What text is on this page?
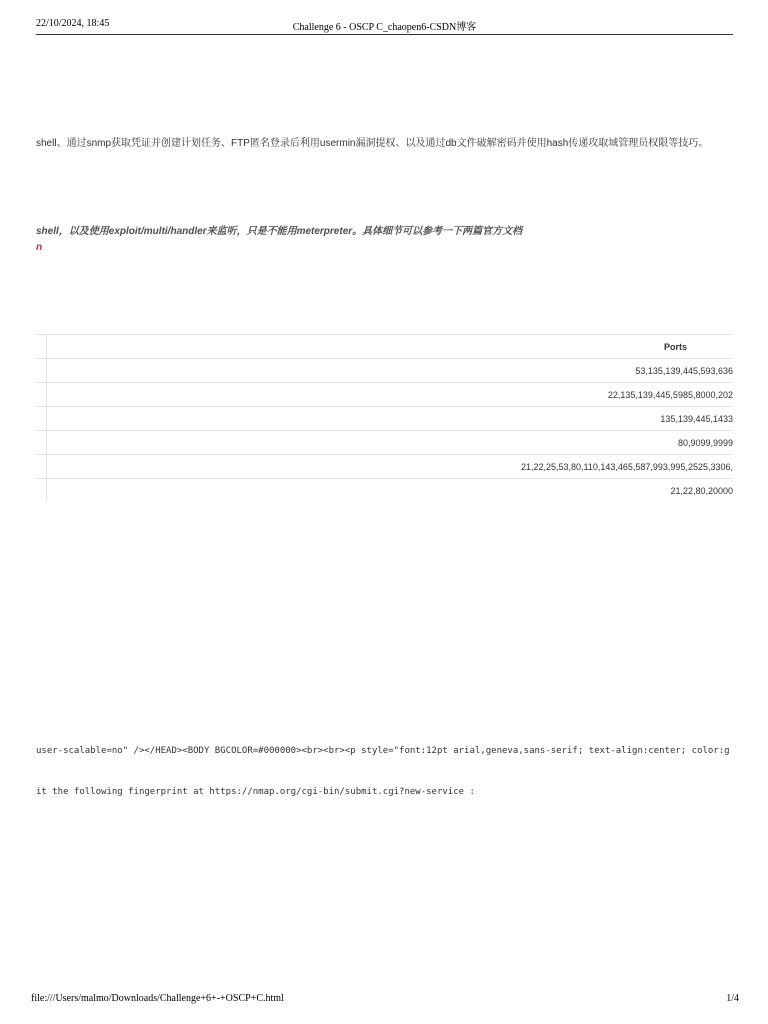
22/10/2024, 18:45	Challenge 6 - OSCP C_chaopen6-CSDN博客
shell、通过snmp获取凭证并创建计划任务、FTP匿名登录后利用usermin漏洞提权、以及通过db文件破解密码并使用hash传递攻取域管理员权限等技巧。
shell，以及使用exploit/multi/handler来监听，只是不能用meterpreter。具体细节可以参考一下两篇官方文档
n
	Ports
	53,135,139,445,593,636
	22,135,139,445,5985,8000,202
	135,139,445,1433
	80,9099,9999
	21,22,25,53,80,110,143,465,587,993,995,2525,3306,
	21,22,80,20000
user-scalable=no" /></HEAD><BODY BGCOLOR=#000000><br><br><p style="font:12pt arial,geneva,sans-serif; text-align:center; color:g
it the following fingerprint at https://nmap.org/cgi-bin/submit.cgi?new-service :
file:///Users/malmo/Downloads/Challenge+6+-+OSCP+C.html	1/4
